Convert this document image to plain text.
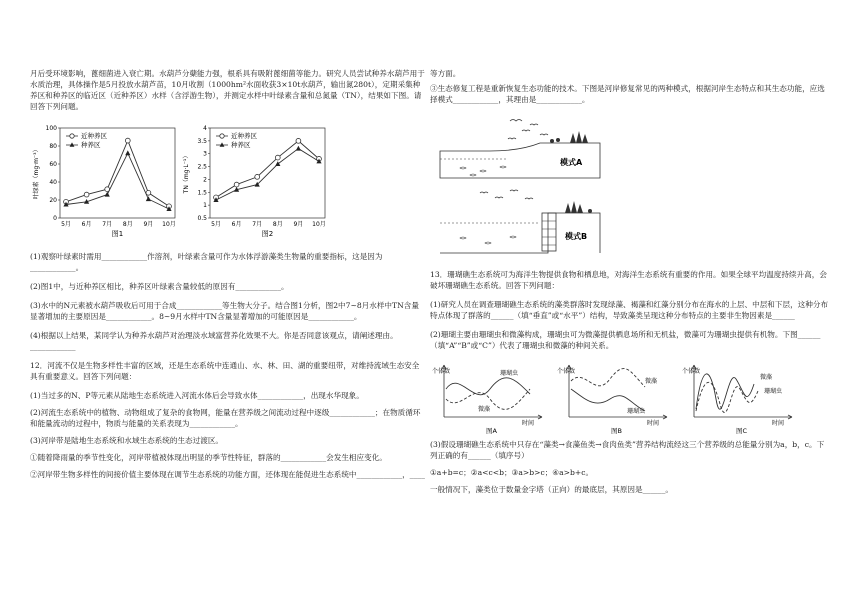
月后受环境影响，蓖细菌进入衰亡期。水葫芦分蘖能力强，根系具有吸附蓖细菌等能力。研究人员尝试种养水葫芦用于水质治理，具体操作是5月投放水葫芦苗，10月收割（1000hm²水面收获3×10t水葫芦，输出氮280t），定期采集种养区和种养区的临近区（近种养区）水样（含浮游生物），并测定水样中叶绿素含量和总氮量（TN），结果如下图。请回答下列问题。

0
20
40
60
80
100
5月 6月 7月 8月 9月 10月
叶绿素（mg·m⁻³）
图1
近种养区
种养区
0.5
1
1.5
2
2.5
3
3.5
4
5月 6月 7月 8月 9月 10月
TN（mg·L⁻¹）
图2
近种养区
种养区

(1)观察叶绿素时需用____________作溶剂，叶绿素含量可作为水体浮游藻类生物量的重要指标，这是因为____________。

(2)图1中，与近种养区相比，种养区叶绿素含量较低的原因有____________。

(3)水中的N元素被水葫芦吸收后可用于合成____________等生物大分子。结合图1分析，图2中7~8月水样中TN含量显著增加的主要原因是____________。8~9月水样中TN含量显著增加的可能原因是____________。

(4)根据以上结果，某同学认为种养水葫芦对治理淡水域富营养化效果不大。你是否同意该观点，请阐述理由。____________

12．河流不仅是生物多样性丰富的区域，还是生态系统中连通山、水、林、田、湖的重要纽带，对维持流域生态安全具有重要意义。回答下列问题：

(1)当过多的N、P等元素从陆地生态系统进入河流水体后会导致水体____________，出现水华现象。

(2)河流生态系统中的植物、动物组成了复杂的食物网，能量在营养级之间流动过程中逐级____________；在物质循环和能量流动的过程中，物质与能量的关系表现为____________。

(3)河岸带是陆地生态系统和水域生态系统的生态过渡区。

①随着降雨量的季节性变化，河岸带植被体现出明显的季节性特征，群落的____________会发生相应变化。

②河岸带生物多样性的间接价值主要体现在调节生态系统的功能方面，还体现在能促进生态系统中____________，____

等方面。

③生态修复工程是重新恢复生态功能的技术。下图是河岸修复常见的两种模式，根据河岸生态特点和其生态功能，应选择模式____________，其理由是____________。

模式A
模式B

13．珊瑚礁生态系统可为海洋生物提供食物和栖息地，对海洋生态系统有重要的作用。如果全球平均温度持续升高，会破坏珊瑚礁生态系统。回答下列问题：

(1)研究人员在调查珊瑚礁生态系统的藻类群落时发现绿藻、褐藻和红藻分别分布在海水的上层、中层和下层，这种分布特点体现了群落的______（填“垂直”或“水平”）结构，导致藻类呈现这种分布特点的主要非生物因素是______

(2)珊瑚主要由珊瑚虫和微藻构成，珊瑚虫可为微藻提供栖息场所和无机盐，微藻可为珊瑚虫提供有机物。下图______（填“A”“B”或“C”）代表了珊瑚虫和微藻的种间关系。

个体数
时间
珊瑚虫
微藻
图A
个体数
时间
微藻
珊瑚虫
图B
个体数
时间
微藻
珊瑚虫
图C

(3)假设珊瑚礁生态系统中只存在“藻类→食藻鱼类→食肉鱼类”营养结构流经这三个营养级的总能量分别为a，b，c。下列正确的有______（填序号）

①a+b=c；②a<c<b；③a>b>c；④a>b+c。

一般情况下，藻类位于数量金字塔（正向）的最底层，其原因是______。
